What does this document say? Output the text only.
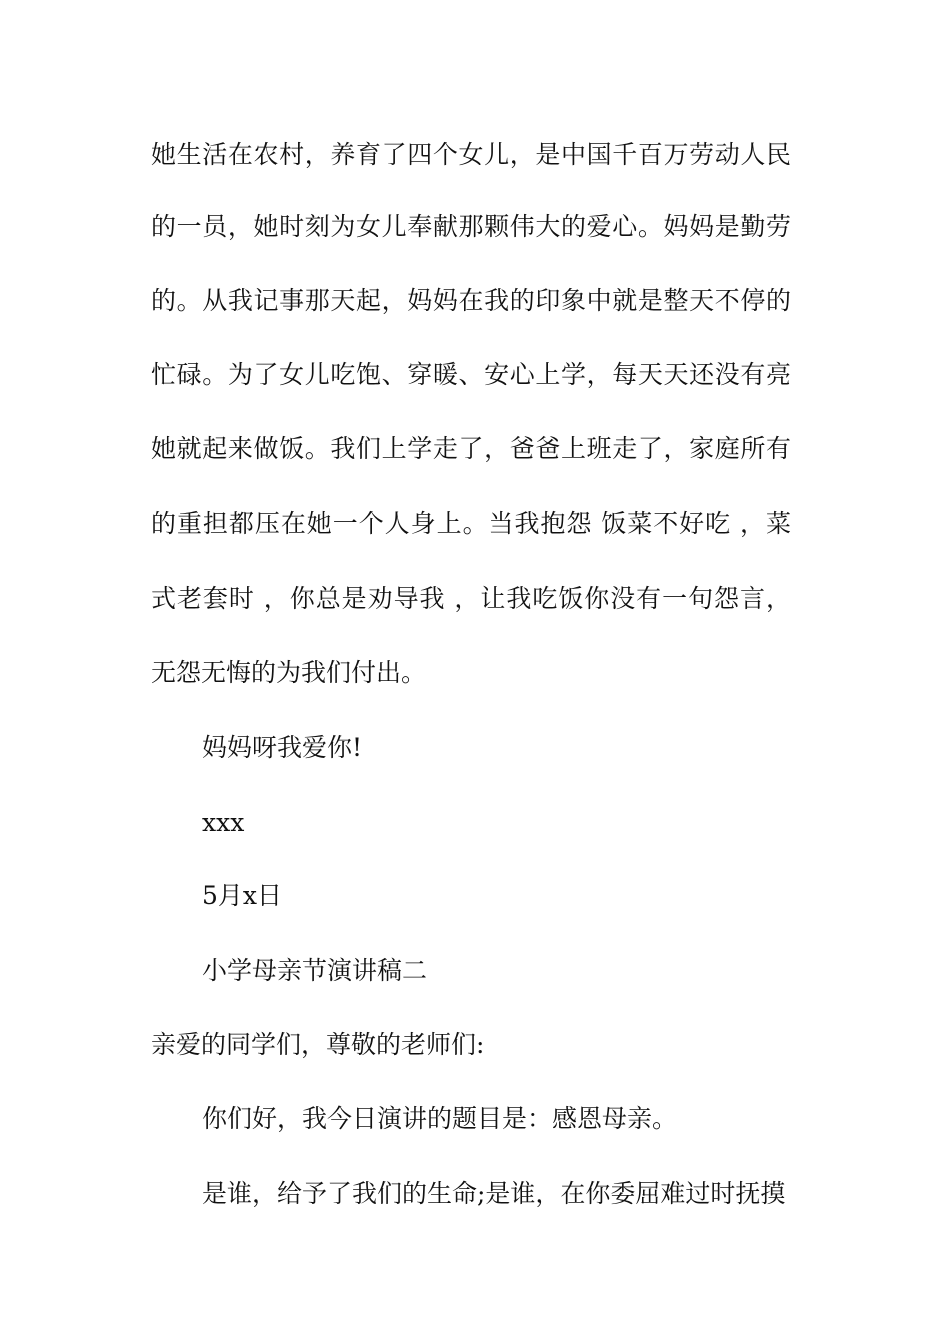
她生活在农村，养育了四个女儿，是中国千百万劳动人民
的一员，她时刻为女儿奉献那颗伟大的爱心。妈妈是勤劳
的。从我记事那天起，妈妈在我的印象中就是整天不停的
忙碌。为了女儿吃饱、穿暖、安心上学，每天天还没有亮
她就起来做饭。我们上学走了，爸爸上班走了，家庭所有
的重担都压在她一个人身上。当我抱怨 饭菜不好吃 ，菜
式老套时 ，你总是劝导我 ，让我吃饭你没有一句怨言，
无怨无悔的为我们付出。
妈妈呀我爱你!
xxx
5月x日
小学母亲节演讲稿二
亲爱的同学们，尊敬的老师们:
你们好，我今日演讲的题目是：感恩母亲。
是谁，给予了我们的生命;是谁，在你委屈难过时抚摸
